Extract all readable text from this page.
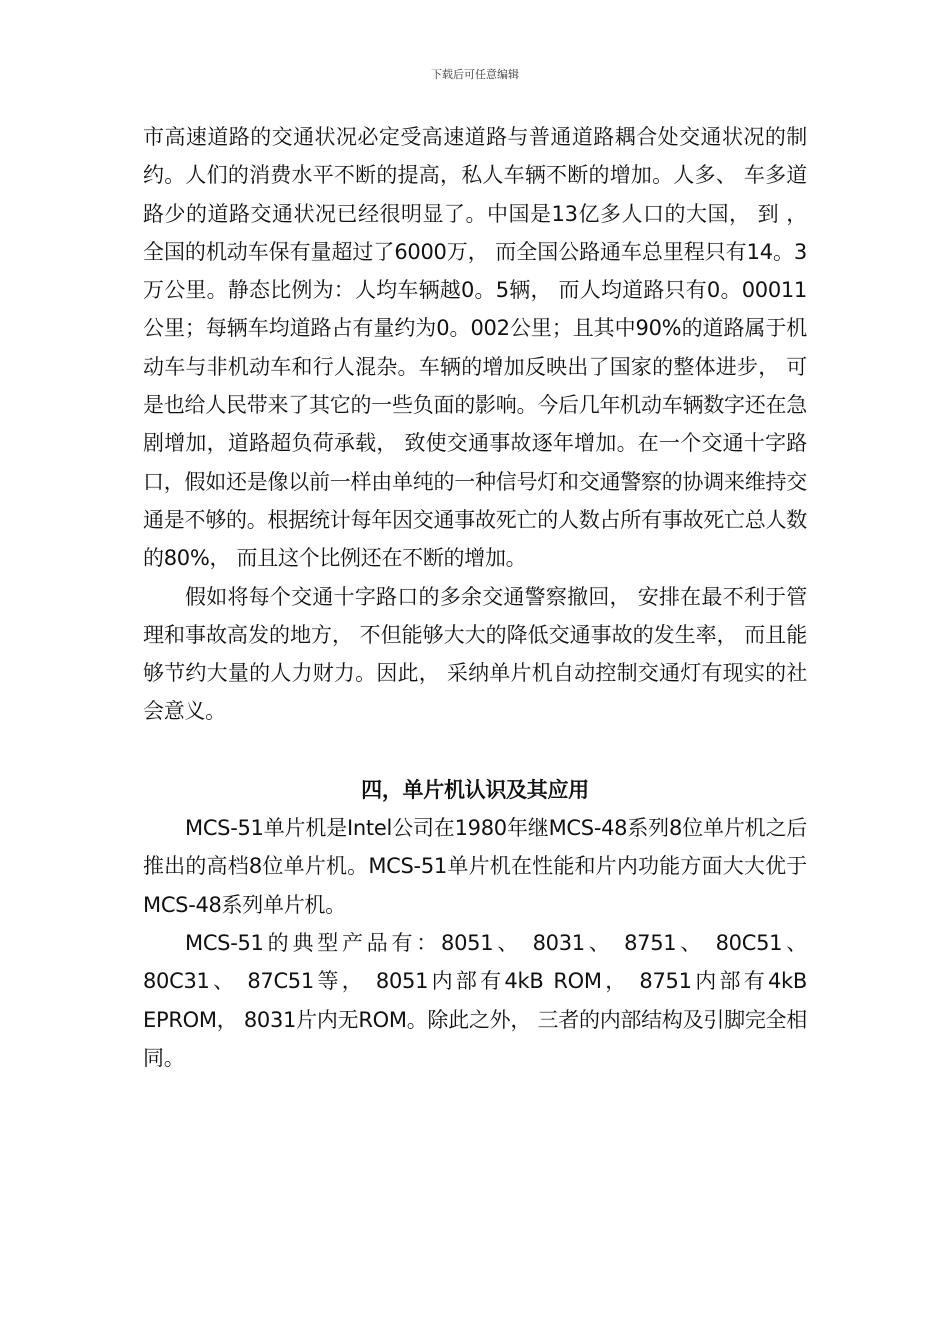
下载后可任意编辑

市高速道路的交通状况必定受高速道路与普通道路耦合处交通状况的制约。人们的消费水平不断的提高，私人车辆不断的增加。人多、 车多道路少的道路交通状况已经很明显了。中国是13亿多人口的大国， 到 ， 全国的机动车保有量超过了6000万， 而全国公路通车总里程只有14。3万公里。静态比例为：人均车辆越0。5辆， 而人均道路只有0。00011公里；每辆车均道路占有量约为0。002公里；且其中90%的道路属于机动车与非机动车和行人混杂。车辆的增加反映出了国家的整体进步， 可是也给人民带来了其它的一些负面的影响。今后几年机动车辆数字还在急剧增加，道路超负荷承载， 致使交通事故逐年增加。在一个交通十字路口，假如还是像以前一样由单纯的一种信号灯和交通警察的协调来维持交通是不够的。根据统计每年因交通事故死亡的人数占所有事故死亡总人数的80%， 而且这个比例还在不断的增加。

假如将每个交通十字路口的多余交通警察撤回， 安排在最不利于管理和事故高发的地方， 不但能够大大的降低交通事故的发生率， 而且能够节约大量的人力财力。因此， 采纳单片机自动控制交通灯有现实的社会意义。

四，单片机认识及其应用

MCS-51单片机是Intel公司在1980年继MCS-48系列8位单片机之后推出的高档8位单片机。MCS-51单片机在性能和片内功能方面大大优于MCS-48系列单片机。

MCS-51的典型产品有：8051、 8031、 8751、 80C51、80C31、 87C51等， 8051内部有4kB ROM， 8751内部有4kB EPROM， 8031片内无ROM。除此之外， 三者的内部结构及引脚完全相同。
